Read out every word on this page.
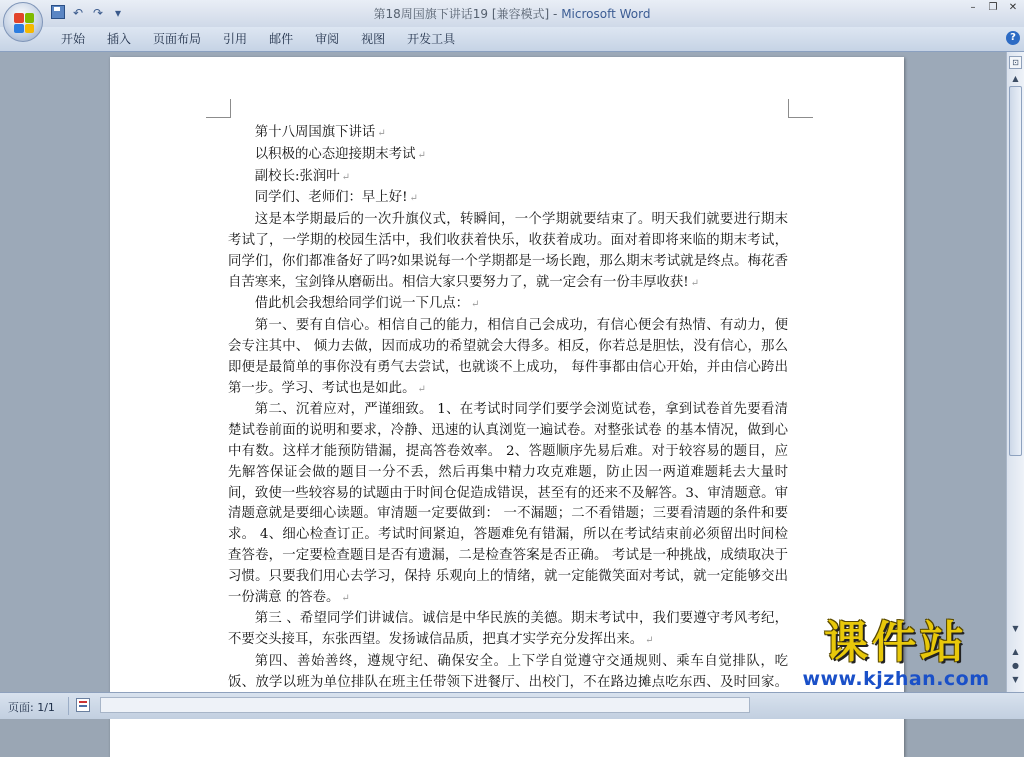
↶ ↷ ▾	第18周国旗下讲话19 [兼容模式] - Microsoft Word	–	❐	✕
开始	插入	页面布局	引用	邮件	审阅	视图	开发工具	?

第十八周国旗下讲话 ↵

以积极的心态迎接期末考试 ↵

副校长:张润叶 ↵

同学们、老师们：早上好! ↵

这是本学期最后的一次升旗仪式，转瞬间，一个学期就要结束了。明天我们就要进行期末考试了，一学期的校园生活中，我们收获着快乐，收获着成功。面对着即将来临的期末考试，同学们，你们都准备好了吗?如果说每一个学期都是一场长跑，那么期末考试就是终点。梅花香自苦寒来，宝剑锋从磨砺出。相信大家只要努力了，就一定会有一份丰厚收获! ↵

借此机会我想给同学们说一下几点： ↵

第一、要有自信心。相信自己的能力，相信自己会成功，有信心便会有热情、有动力，便会专注其中、 倾力去做，因而成功的希望就会大得多。相反，你若总是胆怯，没有信心，那么即便是最简单的事你没有勇气去尝试，也就谈不上成功， 每件事都由信心开始，并由信心跨出第一步。学习、考试也是如此。 ↵

第二、沉着应对，严谨细致。 1、在考试时同学们要学会浏览试卷，拿到试卷首先要看清楚试卷前面的说明和要求，冷静、迅速的认真浏览一遍试卷。对整张试卷 的基本情况，做到心中有数。这样才能预防错漏，提高答卷效率。 2、答题顺序先易后难。对于较容易的题目，应先解答保证会做的题目一分不丢，然后再集中精力攻克难题，防止因一两道难题耗去大量时间，致使一些较容易的试题由于时间仓促造成错误，甚至有的还来不及解答。3、审清题意。审清题意就是要细心读题。审清题一定要做到： 一不漏题；二不看错题；三要看清题的条件和要求。 4、细心检查订正。考试时间紧迫，答题难免有错漏，所以在考试结束前必须留出时间检查答卷，一定要检查题目是否有遗漏，二是检查答案是否正确。 考试是一种挑战，成绩取决于习惯。只要我们用心去学习，保持 乐观向上的情绪，就一定能微笑面对考试，就一定能够交出一份满意 的答卷。 ↵

第三 、希望同学们讲诚信。诚信是中华民族的美德。期末考试中，我们要遵守考风考纪，不要交头接耳，东张西望。发扬诚信品质，把真才实学充分发挥出来。 ↵

第四、善始善终，遵规守纪、确保安全。上下学自觉遵守交通规则、乘车自觉排队，吃饭、放学以班为单位排队在班主任带领下进餐厅、出校门，不在路边摊点吃东西、及时回家。

⊡
▲
▼
▲
●
▼
页面: 1/1
课件站
www.kjzhan.com
